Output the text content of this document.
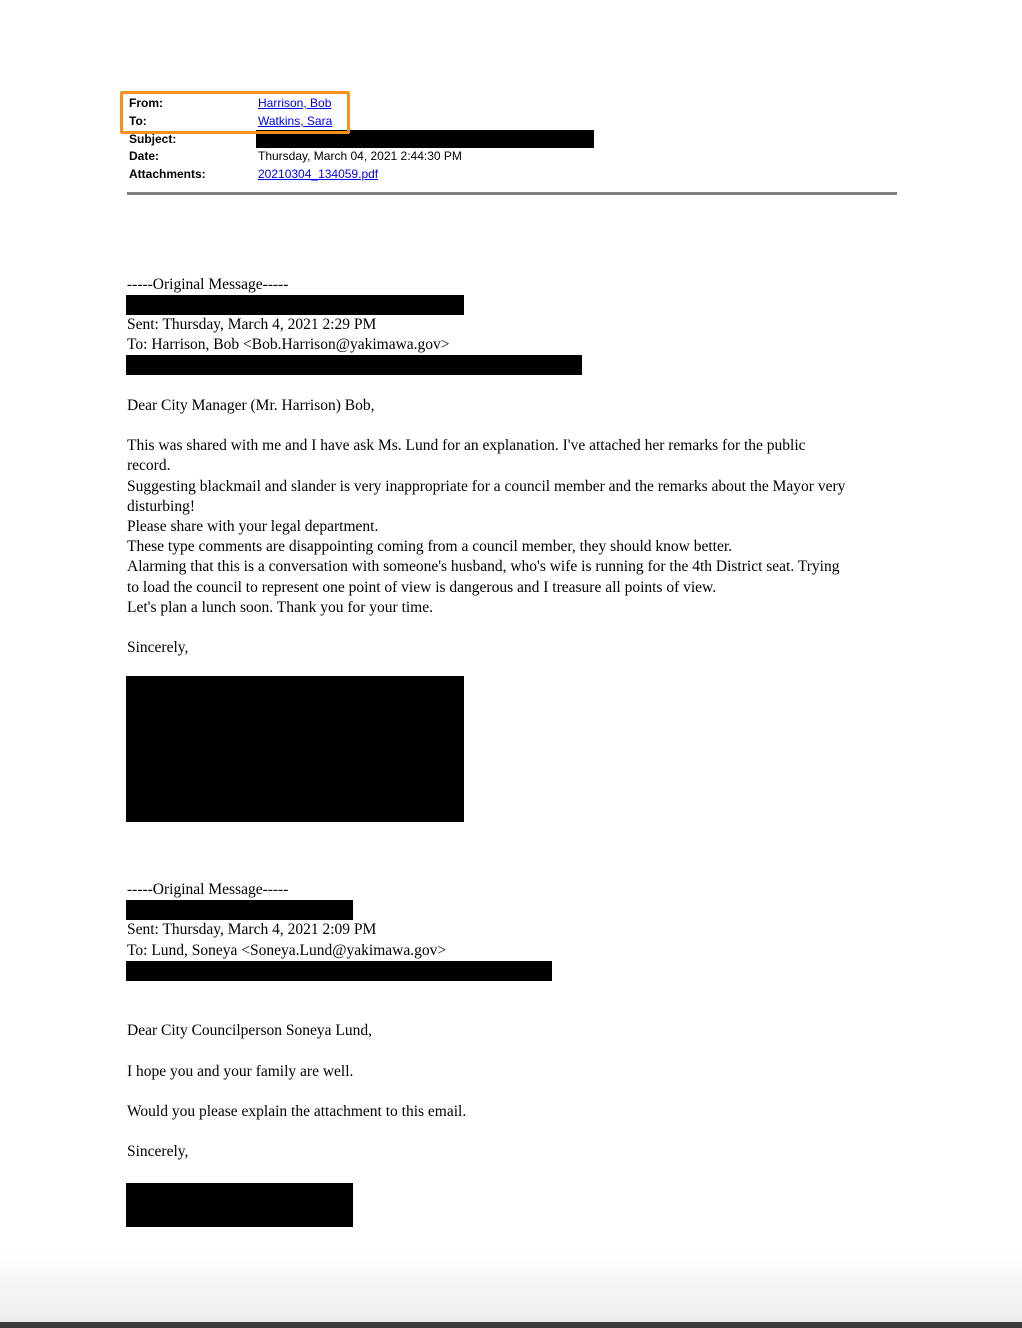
From:	Harrison, Bob
To:	Watkins, Sara
Subject:
Date:	Thursday, March 04, 2021 2:44:30 PM
Attachments:	20210304_134059.pdf
-----Original Message-----
Sent: Thursday, March 4, 2021 2:29 PM
To: Harrison, Bob <Bob.Harrison@yakimawa.gov>
Dear City Manager (Mr. Harrison) Bob,
This was shared with me and I have ask Ms. Lund for an explanation. I've attached her remarks for the public
record.
Suggesting blackmail and slander is very inappropriate for a council member and the remarks about the Mayor very
disturbing!
Please share with your legal department.
These type comments are disappointing coming from a council member, they should know better.
Alarming that this is a conversation with someone's husband, who's wife is running for the 4th District seat. Trying
to load the council to represent one point of view is dangerous and I treasure all points of view.
Let's plan a lunch soon. Thank you for your time.
Sincerely,
-----Original Message-----
Sent: Thursday, March 4, 2021 2:09 PM
To: Lund, Soneya <Soneya.Lund@yakimawa.gov>
Dear City Councilperson Soneya Lund,
I hope you and your family are well.
Would you please explain the attachment to this email.
Sincerely,
